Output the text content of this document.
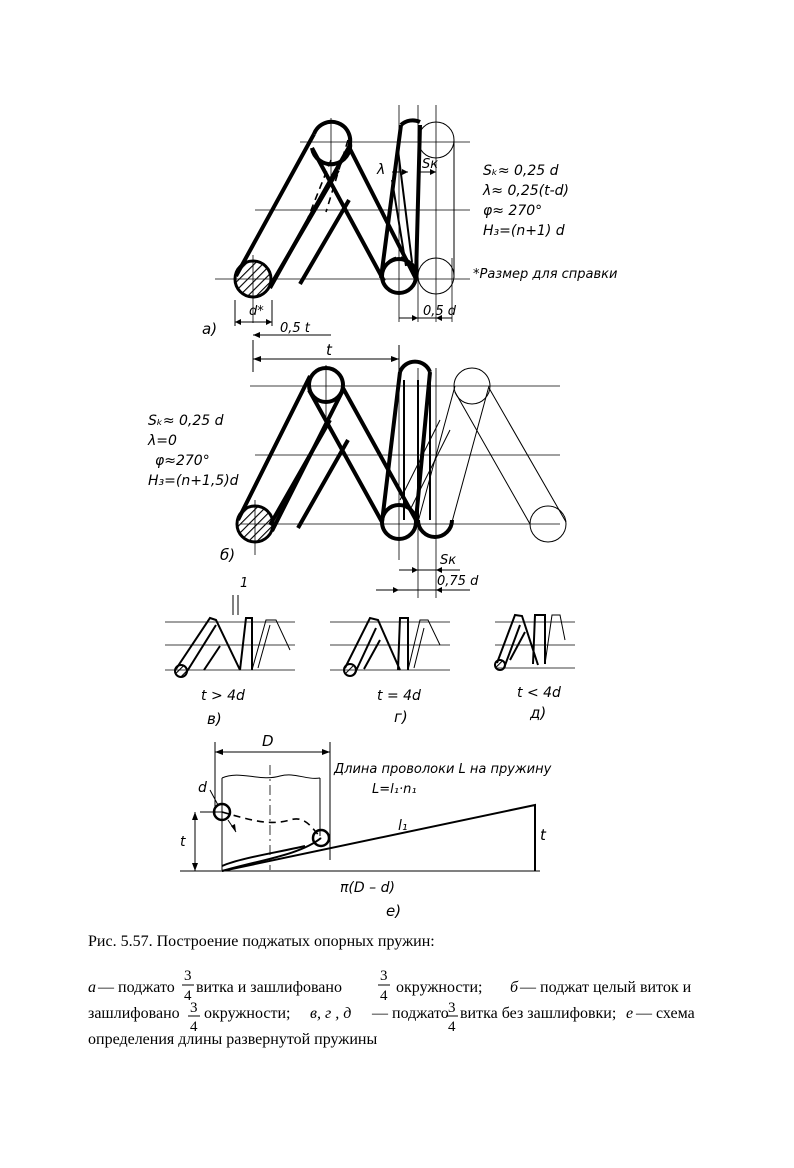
λ	Sк	Sₖ≈ 0,25 d
λ≈ 0,25(t-d)
φ≈ 270°
H₃=(n+1) d
*Размер для справки
d*
0,5 t
0,5 d
а)
t
Sₖ≈ 0,25 d
λ=0
φ≈270°
H₃=(n+1,5)d
Sк
0,75 d
б)
1
t > 4d
в)
t = 4d
г)
t < 4d
д)
D
Длина проволоки L на пружину
L=l₁·n₁
d
l₁
t	t
π(D – d)
е)
Рис. 5.57. Построение поджатых опорных пружин:
а — поджато
3
4 витка и зашлифовано
3
4 окружности; б — поджат целый виток и
зашлифовано 3
4
окружности; в, г , д — поджато 3
4
витка без зашлифовки; е — схема
определения длины развернутой пружины
